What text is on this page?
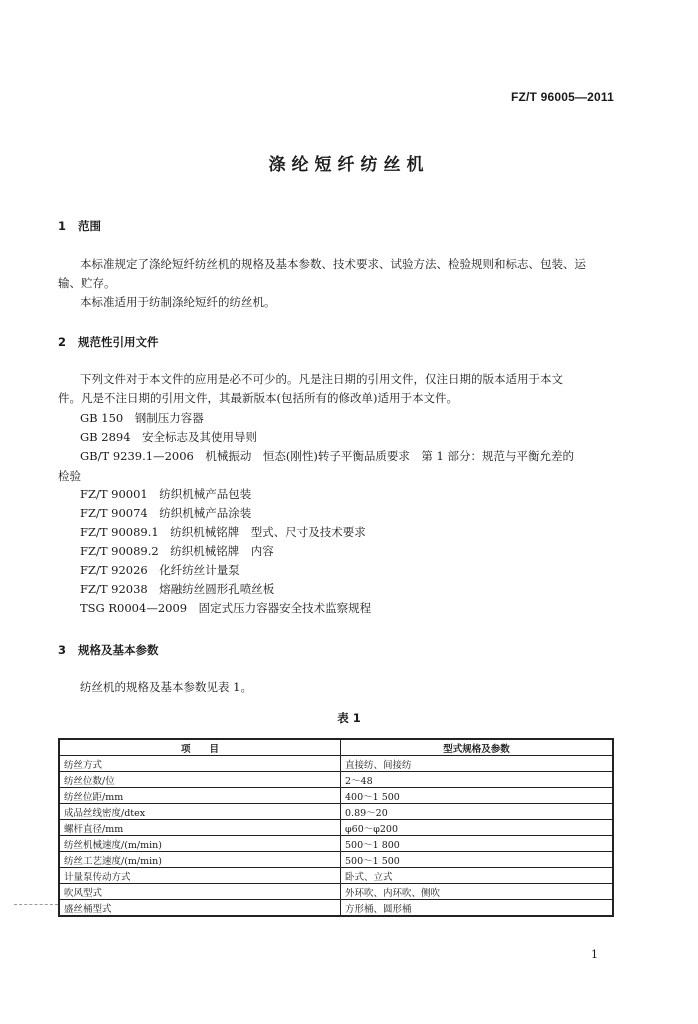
FZ/T 96005—2011
涤纶短纤纺丝机
1 范围
本标准规定了涤纶短纤纺丝机的规格及基本参数、技术要求、试验方法、检验规则和标志、包装、运
输、贮存。
本标准适用于纺制涤纶短纤的纺丝机。
2 规范性引用文件
下列文件对于本文件的应用是必不可少的。凡是注日期的引用文件，仅注日期的版本适用于本文
件。凡是不注日期的引用文件，其最新版本(包括所有的修改单)适用于本文件。
GB 150　 钢制压力容器
GB 2894　 安全标志及其使用导则
GB/T 9239.1—2006　 机械振动　恒态(刚性)转子平衡品质要求　第 1 部分：规范与平衡允差的
检验
FZ/T 90001　 纺织机械产品包装
FZ/T 90074　 纺织机械产品涂装
FZ/T 90089.1　 纺织机械铭牌　型式、尺寸及技术要求
FZ/T 90089.2　 纺织机械铭牌　内容
FZ/T 92026　 化纤纺丝计量泵
FZ/T 92038　 熔融纺丝圆形孔喷丝板
TSG R0004—2009　 固定式压力容器安全技术监察规程
3 规格及基本参数
纺丝机的规格及基本参数见表 1。
表 1
项　　目	型式规格及参数
纺丝方式	直接纺、间接纺
纺丝位数/位	2～48
纺丝位距/mm	400～1 500
成品丝线密度/dtex	0.89～20
螺杆直径/mm	φ60～φ200
纺丝机械速度/(m/min)	500～1 800
纺丝工艺速度/(m/min)	500～1 500
计量泵传动方式	卧式、立式
吹风型式	外环吹、内环吹、侧吹
盛丝桶型式	方形桶、圆形桶
1
